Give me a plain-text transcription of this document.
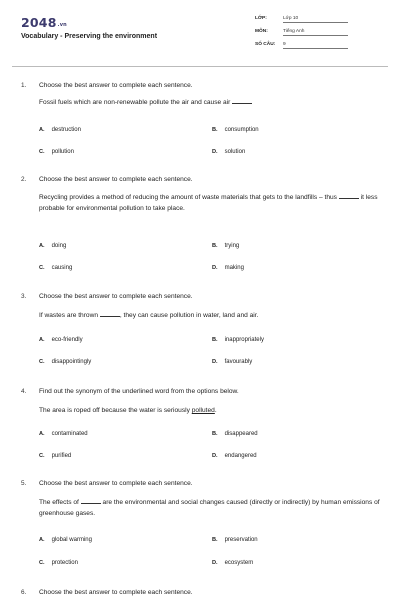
$2048_{.vn}$
Vocabulary - Preserving the environment
LỚP:	Lớp 10
MÔN:	Tiếng Anh
SỐ CÂU: 9
1. Choose the best answer to complete each sentence.
Fossil fuels which are non-renewable pollute the air and cause air
A. destruction	B. consumption
C. pollution	D. solution
2. Choose the best answer to complete each sentence.
Recycling provides a method of reducing the amount of waste materials that gets to the landfills – thus	it less probable for environmental pollution to take place.
A. doing	B. trying
C. causing	D. making
3. Choose the best answer to complete each sentence.
If wastes are thrown	, they can cause pollution in water, land and air.
A. eco-friendly	B. inappropriately
C. disappointingly	D. favourably
4. Find out the synonym of the underlined word from the options below.
The area is roped off because the water is seriously polluted.
A. contaminated	B. disappeared
C. purified	D. endangered
5. Choose the best answer to complete each sentence.
The effects of	are the environmental and social changes caused (directly or indirectly) by human emissions of greenhouse gases.
A. global warming	B. preservation
C. protection	D. ecosystem
6. Choose the best answer to complete each sentence.
